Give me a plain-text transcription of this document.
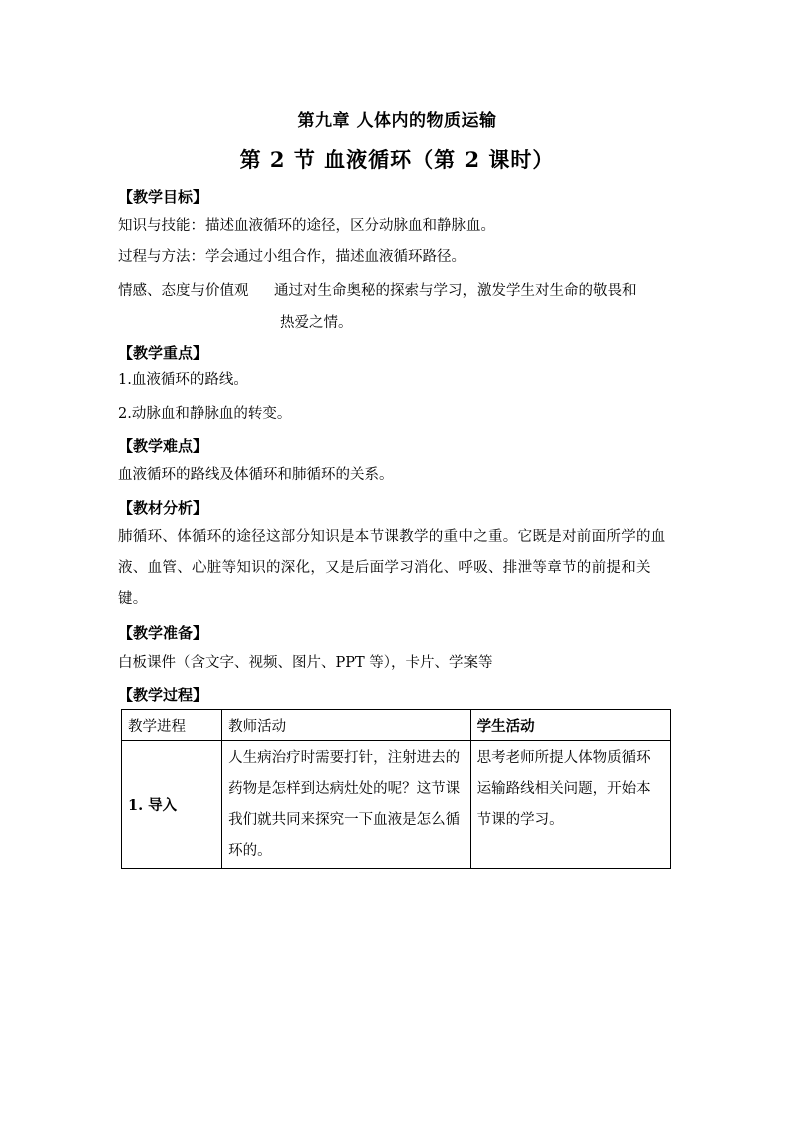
第九章 人体内的物质运输
第 2 节 血液循环（第 2 课时）
【教学目标】
知识与技能：描述血液循环的途径，区分动脉血和静脉血。
过程与方法：学会通过小组合作，描述血液循环路径。
情感、态度与价值观 通过对生命奥秘的探索与学习，激发学生对生命的敬畏和
热爱之情。
【教学重点】
1.血液循环的路线。
2.动脉血和静脉血的转变。
【教学难点】
血液循环的路线及体循环和肺循环的关系。
【教材分析】
肺循环、体循环的途径这部分知识是本节课教学的重中之重。它既是对前面所学的血液、血管、心脏等知识的深化，又是后面学习消化、呼吸、排泄等章节的前提和关键。
【教学准备】
白板课件（含文字、视频、图片、PPT 等），卡片、学案等
【教学过程】
教学进程	教师活动	学生活动
1. 导入	人生病治疗时需要打针，注射进去的药物是怎样到达病灶处的呢？这节课我们就共同来探究一下血液是怎么循环的。	思考老师所提人体物质循环运输路线相关问题，开始本节课的学习。
